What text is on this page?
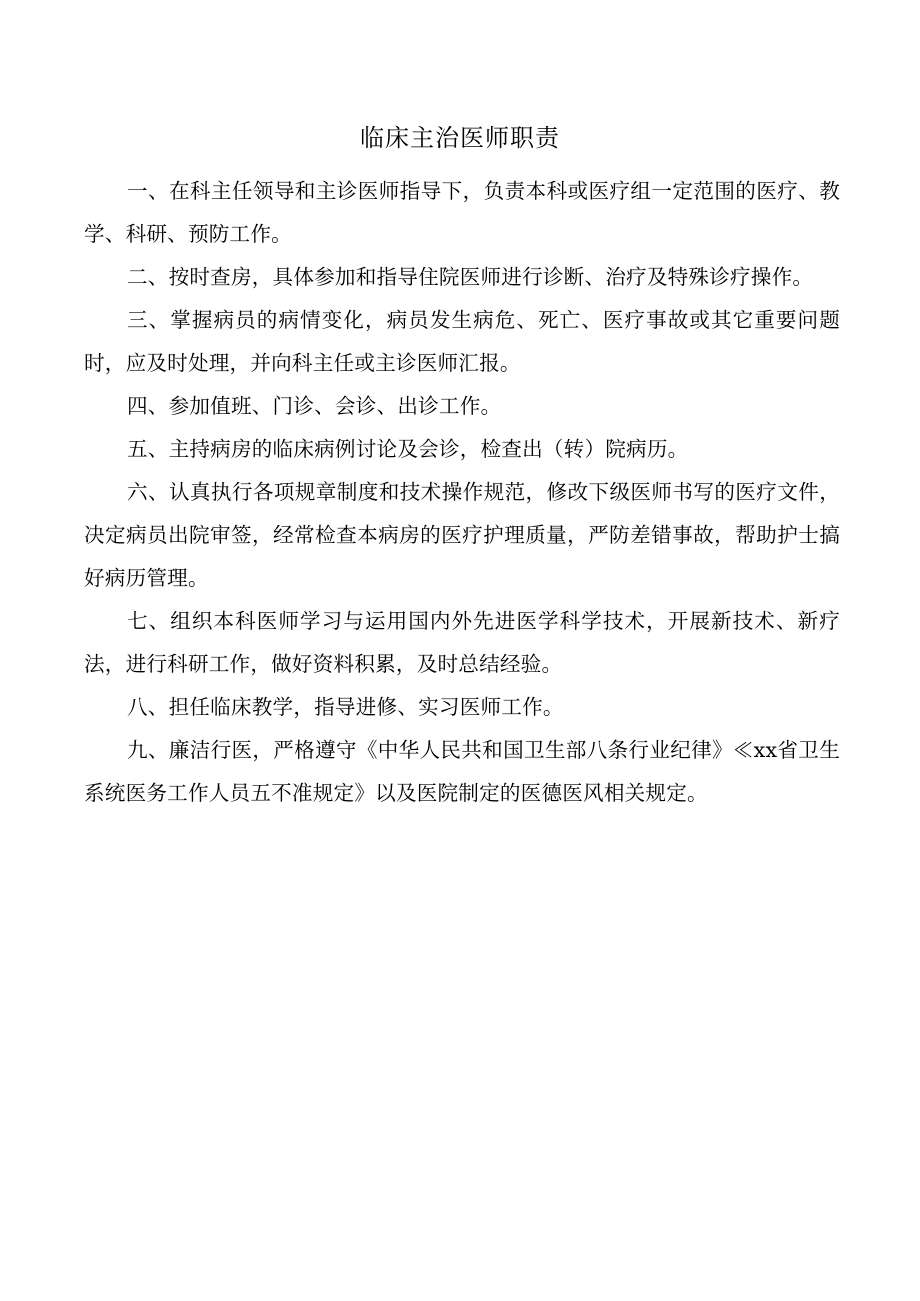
临床主治医师职责

一、在科主任领导和主诊医师指导下，负责本科或医疗组一定范围的医疗、教学、科研、预防工作。

二、按时查房，具体参加和指导住院医师进行诊断、治疗及特殊诊疗操作。

三、掌握病员的病情变化，病员发生病危、死亡、医疗事故或其它重要问题时，应及时处理，并向科主任或主诊医师汇报。

四、参加值班、门诊、会诊、出诊工作。

五、主持病房的临床病例讨论及会诊，检查出（转）院病历。

六、认真执行各项规章制度和技术操作规范，修改下级医师书写的医疗文件，决定病员出院审签，经常检查本病房的医疗护理质量，严防差错事故，帮助护士搞好病历管理。

七、组织本科医师学习与运用国内外先进医学科学技术，开展新技术、新疗法，进行科研工作，做好资料积累，及时总结经验。

八、担任临床教学，指导进修、实习医师工作。

九、廉洁行医，严格遵守《中华人民共和国卫生部八条行业纪律》≪xx省卫生系统医务工作人员五不准规定》以及医院制定的医德医风相关规定。
